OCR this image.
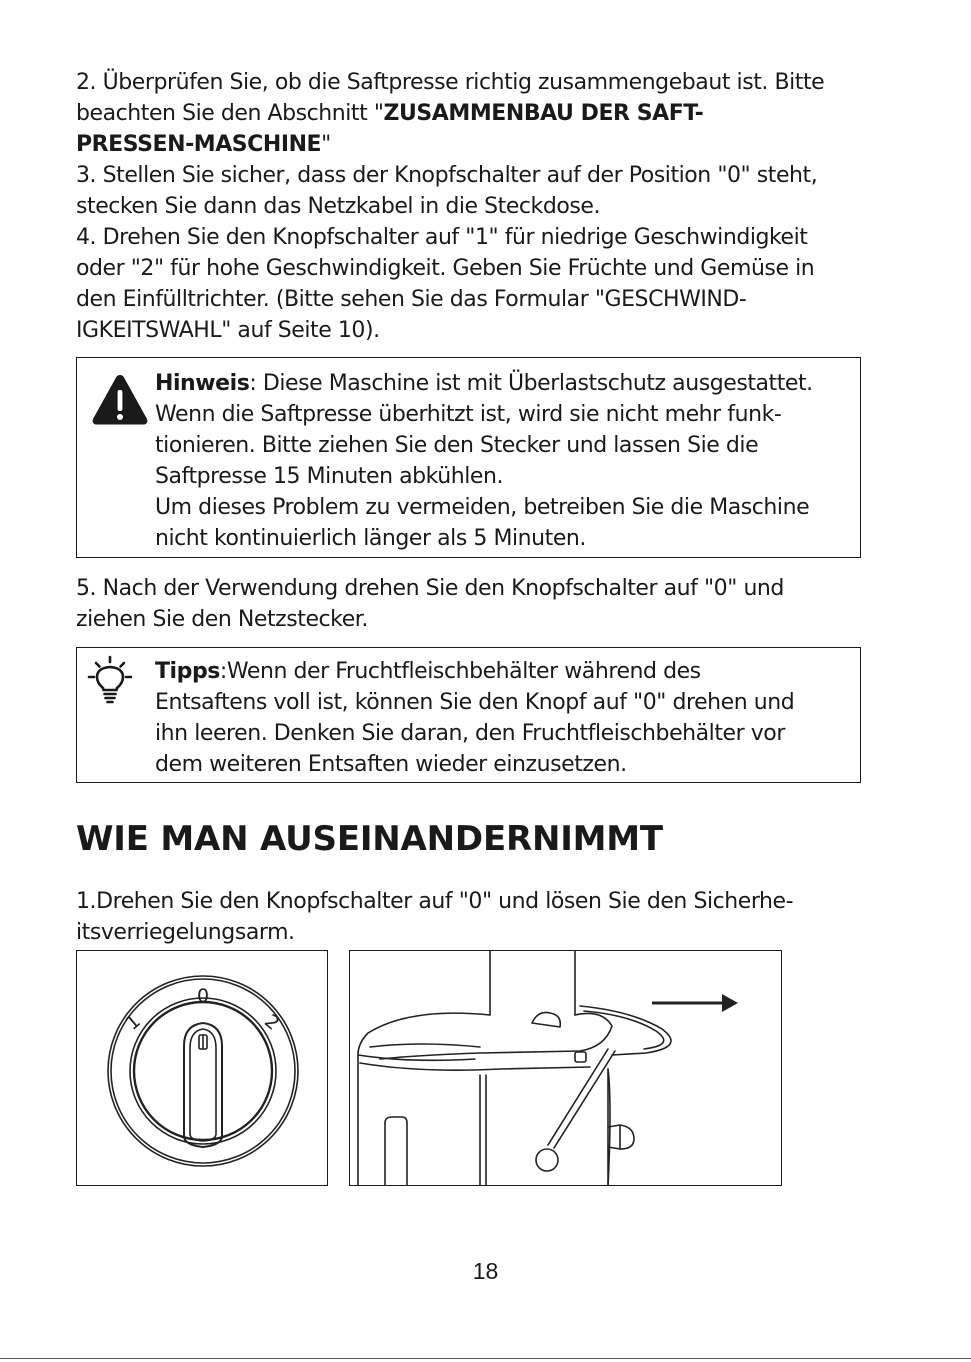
2. Überprüfen Sie, ob die Saftpresse richtig zusammengebaut ist. Bitte
beachten Sie den Abschnitt "ZUSAMMENBAU DER SAFT-
PRESSEN-MASCHINE"
3. Stellen Sie sicher, dass der Knopfschalter auf der Position "0" steht,
stecken Sie dann das Netzkabel in die Steckdose.
4. Drehen Sie den Knopfschalter auf "1" für niedrige Geschwindigkeit
oder "2" für hohe Geschwindigkeit. Geben Sie Früchte und Gemüse in
den Einfülltrichter. (Bitte sehen Sie das Formular "GESCHWIND-
IGKEITSWAHL" auf Seite 10).
Hinweis: Diese Maschine ist mit Überlastschutz ausgestattet.
Wenn die Saftpresse überhitzt ist, wird sie nicht mehr funk-
tionieren. Bitte ziehen Sie den Stecker und lassen Sie die
Saftpresse 15 Minuten abkühlen.
Um dieses Problem zu vermeiden, betreiben Sie die Maschine
nicht kontinuierlich länger als 5 Minuten.
5. Nach der Verwendung drehen Sie den Knopfschalter auf "0" und
ziehen Sie den Netzstecker.
Tipps:Wenn der Fruchtfleischbehälter während des
Entsaftens voll ist, können Sie den Knopf auf "0" drehen und
ihn leeren. Denken Sie daran, den Fruchtfleischbehälter vor
dem weiteren Entsaften wieder einzusetzen.
WIE MAN AUSEINANDERNIMMT
1.Drehen Sie den Knopfschalter auf "0" und lösen Sie den Sicherhe-
itsverriegelungsarm.
0
1	2
18
